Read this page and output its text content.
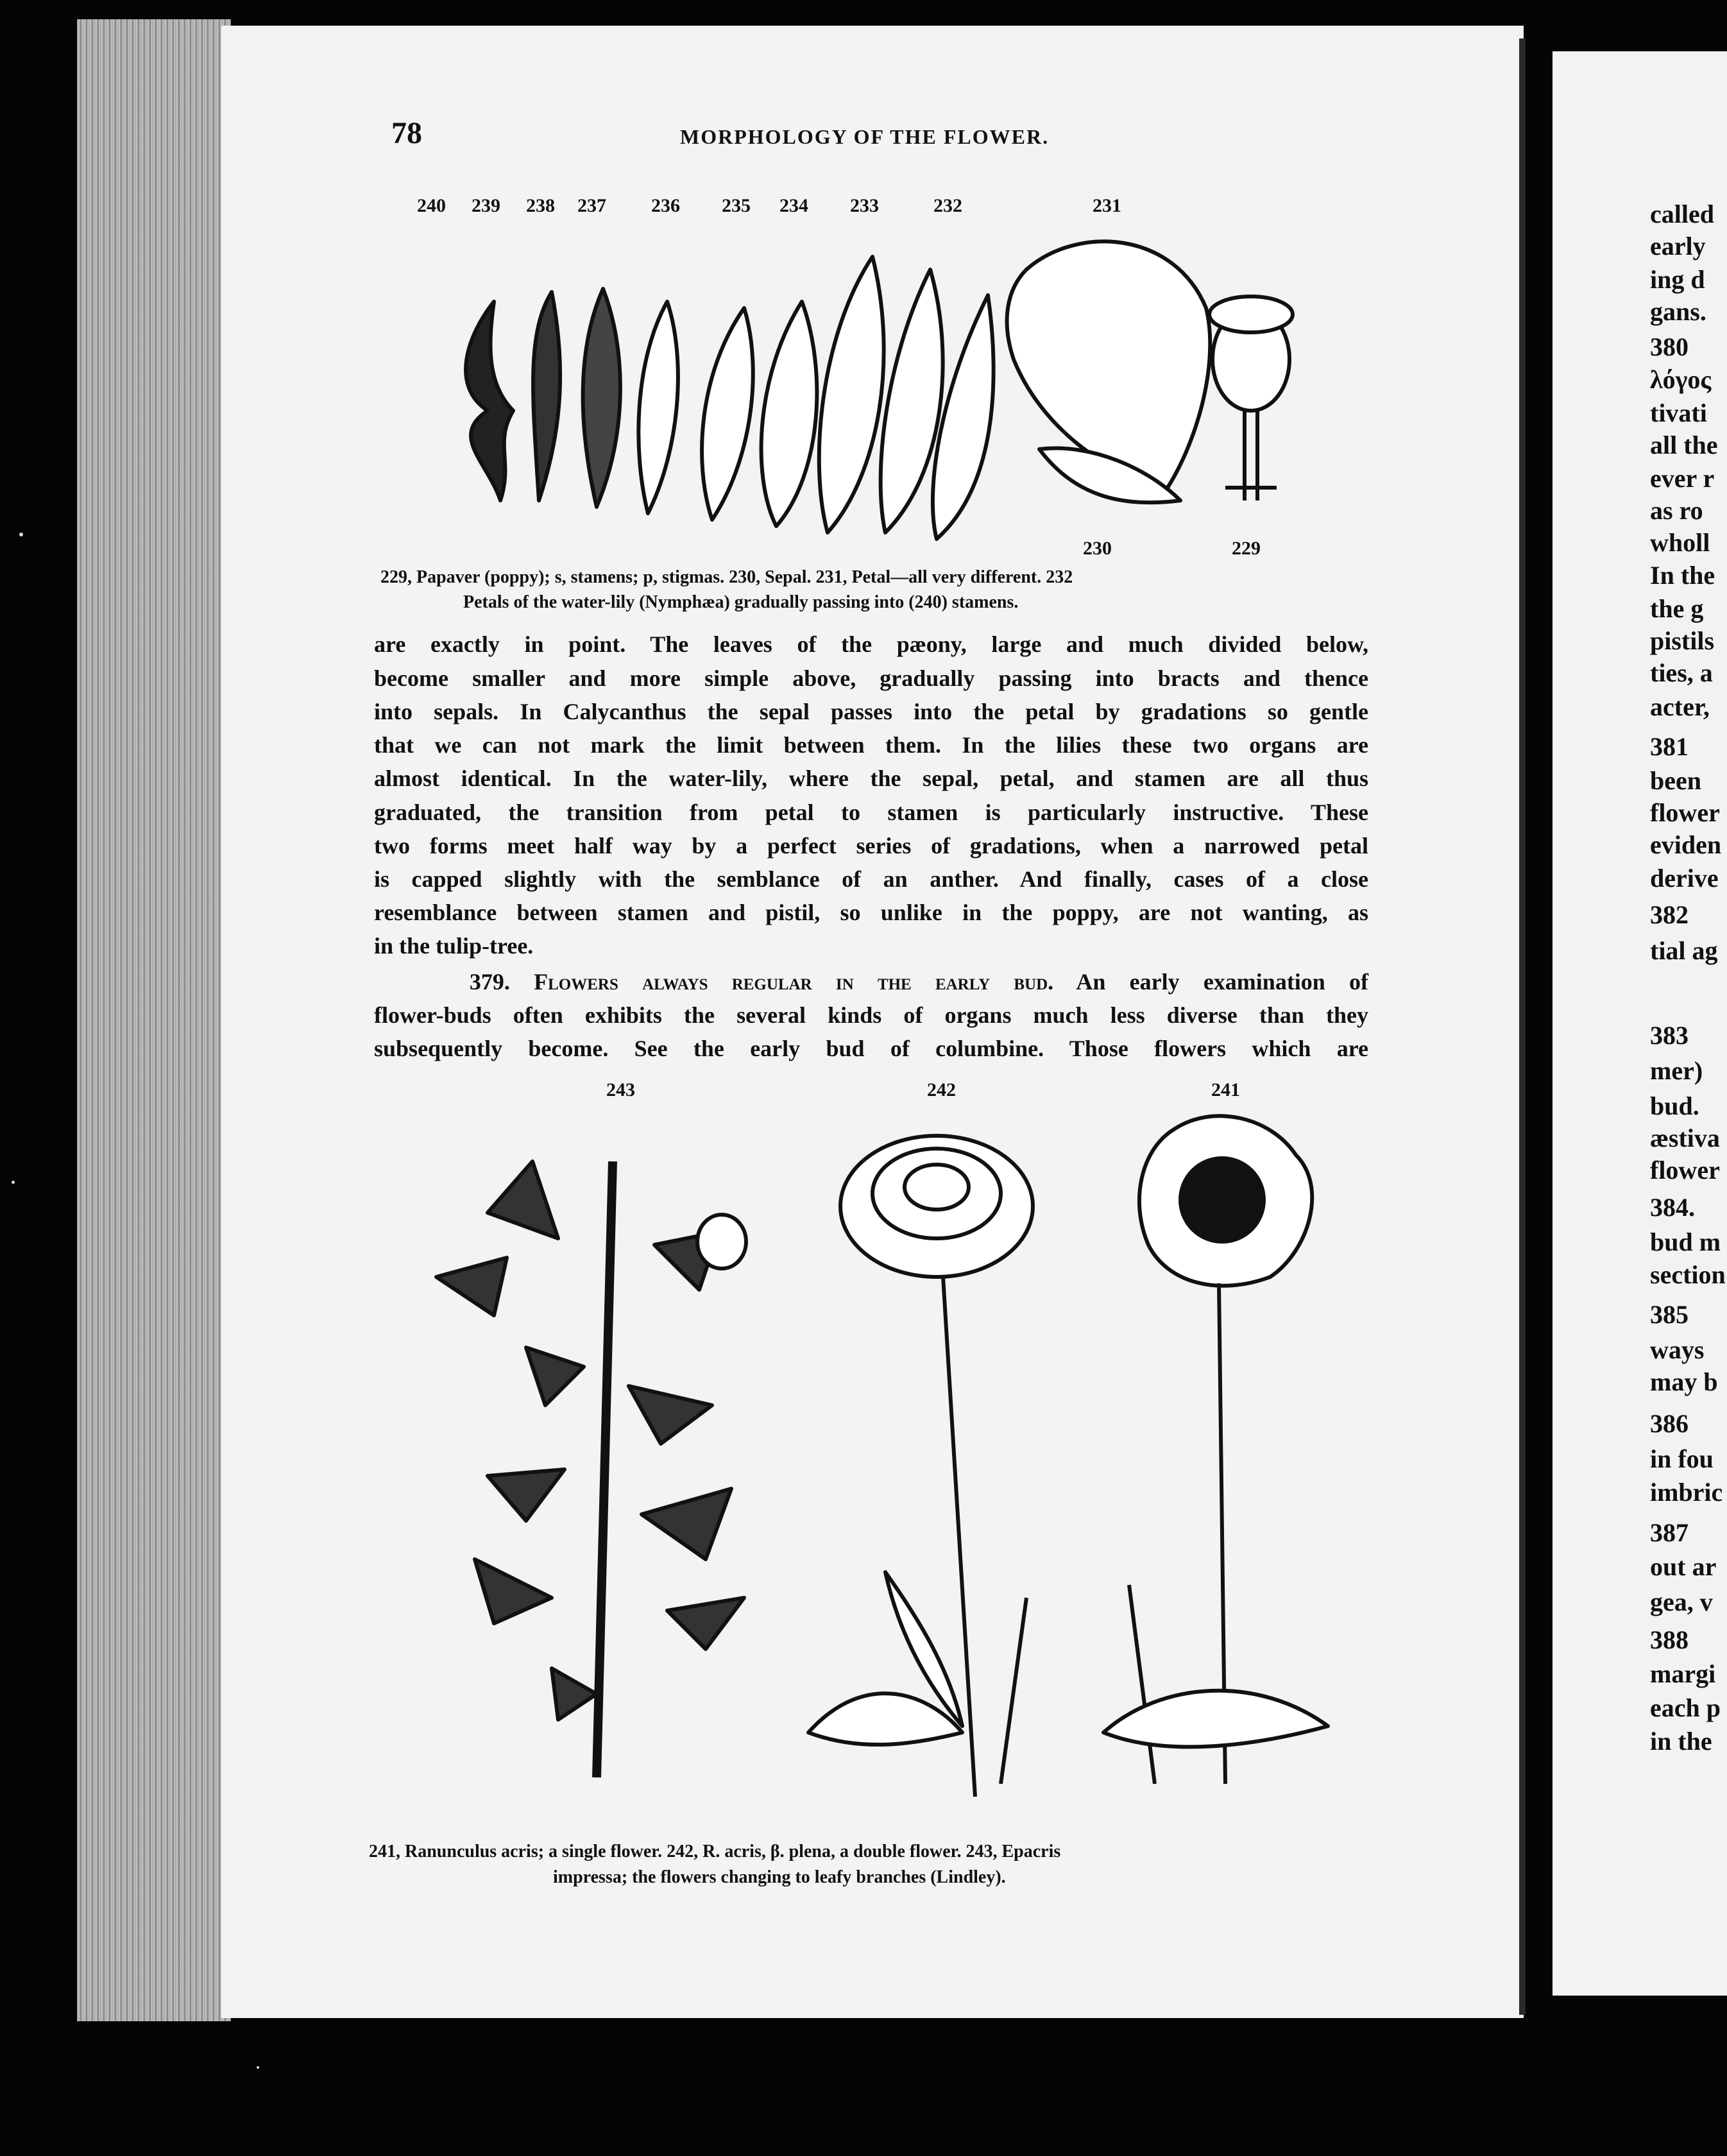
called
early
ing d
gans.
380
λόγος
tivati
all the
ever r
as ro
wholl
In the
the g
pistils
ties, a
acter,
381
been
flower
eviden
derive
382
tial ag
383
mer)
bud.
æstiva
flower
384.
bud m
section
385
ways
may b
386
in fou
imbric
387
out ar
gea, v
388
margi
each p
in the
78	MORPHOLOGY OF THE FLOWER.
240 239 238 237 236 235 234 233	232	231
230	229
229, Papaver (poppy); s, stamens; p, stigmas. 230, Sepal. 231, Petal—all very different. 232
Petals of the water-lily (Nymphæa) gradually passing into (240) stamens.
are exactly in point. The leaves of the pæony, large and much divided below,
become smaller and more simple above, gradually passing into bracts and thence
into sepals. In Calycanthus the sepal passes into the petal by gradations so gentle
that we can not mark the limit between them. In the lilies these two organs are
almost identical. In the water-lily, where the sepal, petal, and stamen are all thus
graduated, the transition from petal to stamen is particularly instructive. These
two forms meet half way by a perfect series of gradations, when a narrowed petal
is capped slightly with the semblance of an anther. And finally, cases of a close
resemblance between stamen and pistil, so unlike in the poppy, are not wanting, as
in the tulip-tree.
379. Flowers always regular in the early bud. An early examination of
flower-buds often exhibits the several kinds of organs much less diverse than they
subsequently become. See the early bud of columbine. Those flowers which are
243	242	241
241, Ranunculus acris; a single flower. 242, R. acris, β. plena, a double flower. 243, Epacris
impressa; the flowers changing to leafy branches (Lindley).
